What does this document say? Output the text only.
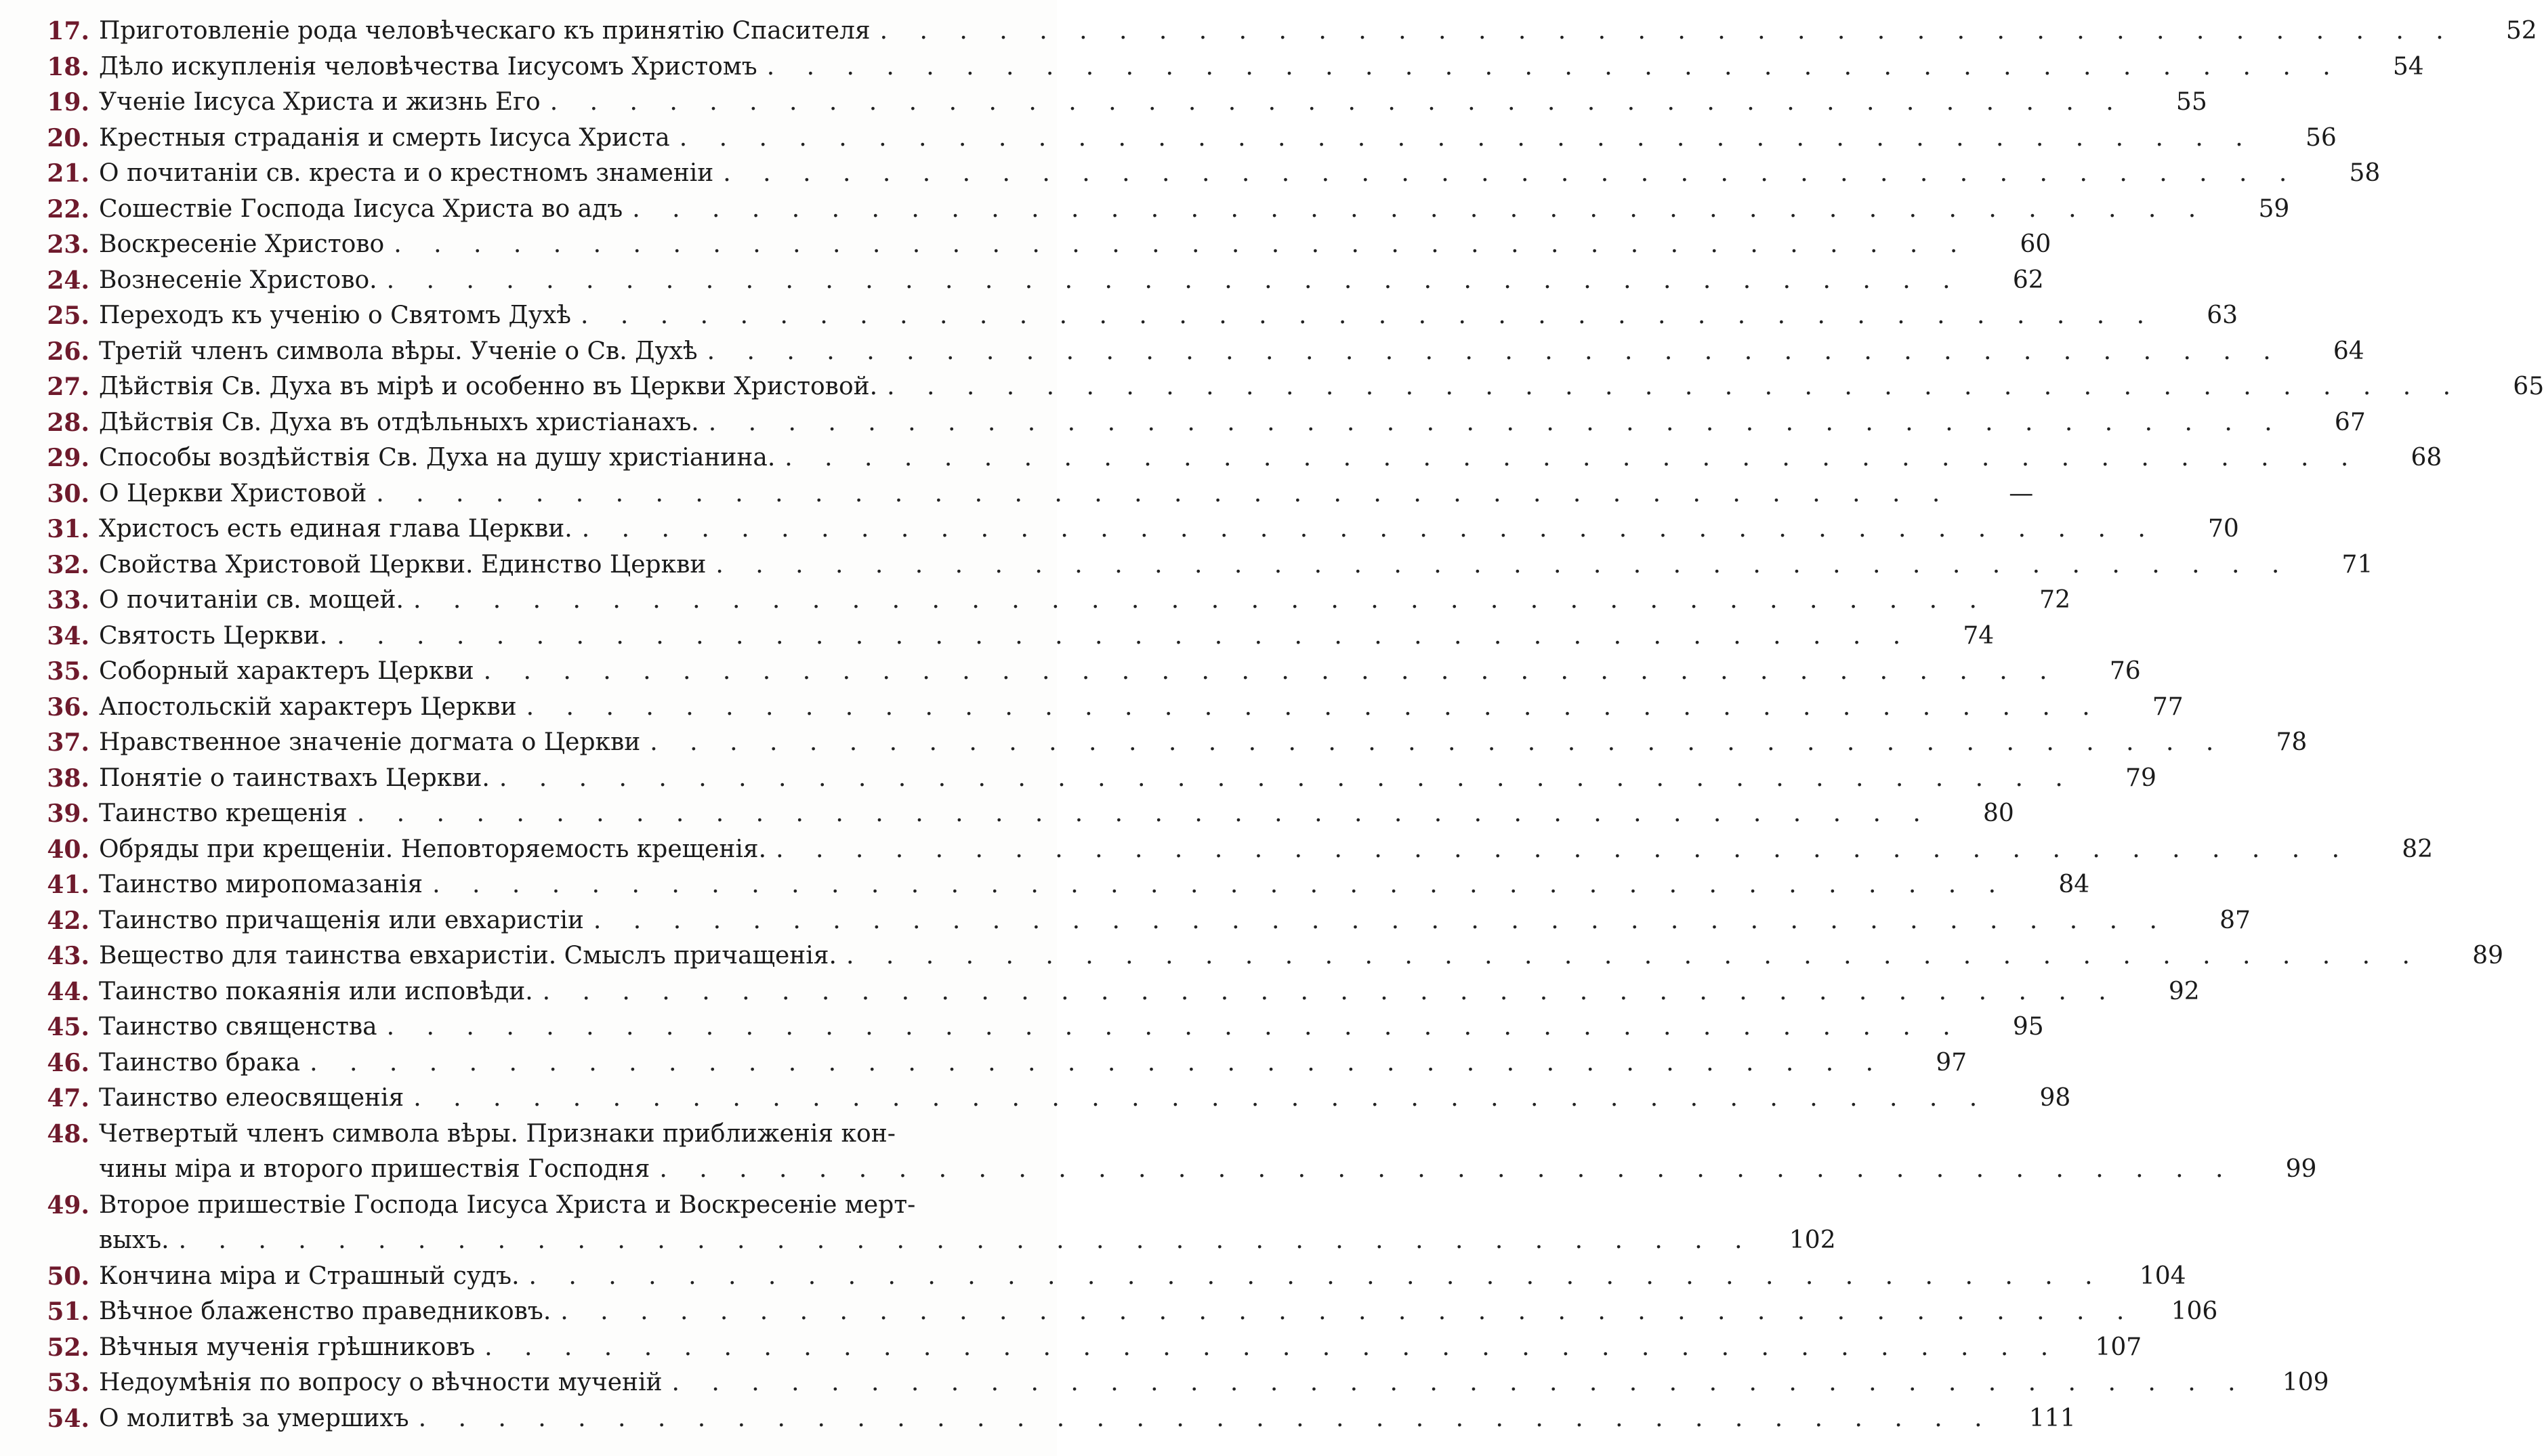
17. Приготовленіе рода человѣческаго къ принятію Спасителя . . .	52
18. Дѣло искупленія человѣчества Іисусомъ Христомъ . . .	54
19. Ученіе Іисуса Христа и жизнь Его . . .	55
20. Крестныя страданія и смерть Іисуса Христа . . .	56
21. О почитаніи св. креста и о крестномъ знаменіи . . .	58
22. Сошествіе Господа Іисуса Христа во адъ . . .	59
23. Воскресеніе Христово . . .	60
24. Вознесеніе Христово. . . .	62
25. Переходъ къ ученію о Святомъ Духѣ . . .	63
26. Третій членъ символа вѣры. Ученіе о Св. Духѣ . . .	64
27. Дѣйствія Св. Духа въ мірѣ и особенно въ Церкви Христовой. . . .	65
28. Дѣйствія Св. Духа въ отдѣльныхъ христіанахъ. . . .	67
29. Способы воздѣйствія Св. Духа на душу христіанина. . . .	68
30. О Церкви Христовой . . .	—
31. Христосъ есть единая глава Церкви. . . .	70
32. Свойства Христовой Церкви. Единство Церкви . . .	71
33. О почитаніи св. мощей. . . .	72
34. Святость Церкви. . . .	74
35. Соборный характеръ Церкви . . .	76
36. Апостольскій характеръ Церкви . . .	77
37. Нравственное значеніе догмата о Церкви . . .	78
38. Понятіе о таинствахъ Церкви. . . .	79
39. Таинство крещенія . . .	80
40. Обряды при крещеніи. Неповторяемость крещенія. . . .	82
41. Таинство миропомазанія . . .	84
42. Таинство причащенія или евхаристіи . . .	87
43. Вещество для таинства евхаристіи. Смыслъ причащенія. . . .	89
44. Таинство покаянія или исповѣди. . . .	92
45. Таинство священства . . .	95
46. Таинство брака . . .	97
47. Таинство елеосвященія . . .	98
48. Четвертый членъ символа вѣры. Признаки приближенія кон-
чины міра и второго пришествія Господня . . .	99
49. Второе пришествіе Господа Іисуса Христа и Воскресеніе мерт-
выхъ. . . .	102
50. Кончина міра и Страшный судъ. . . .	104
51. Вѣчное блаженство праведниковъ. . . .	106
52. Вѣчныя мученія грѣшниковъ . . .	107
53. Недоумѣнія по вопросу о вѣчности мученій . . .	109
54. О молитвѣ за умершихъ . . .	111
